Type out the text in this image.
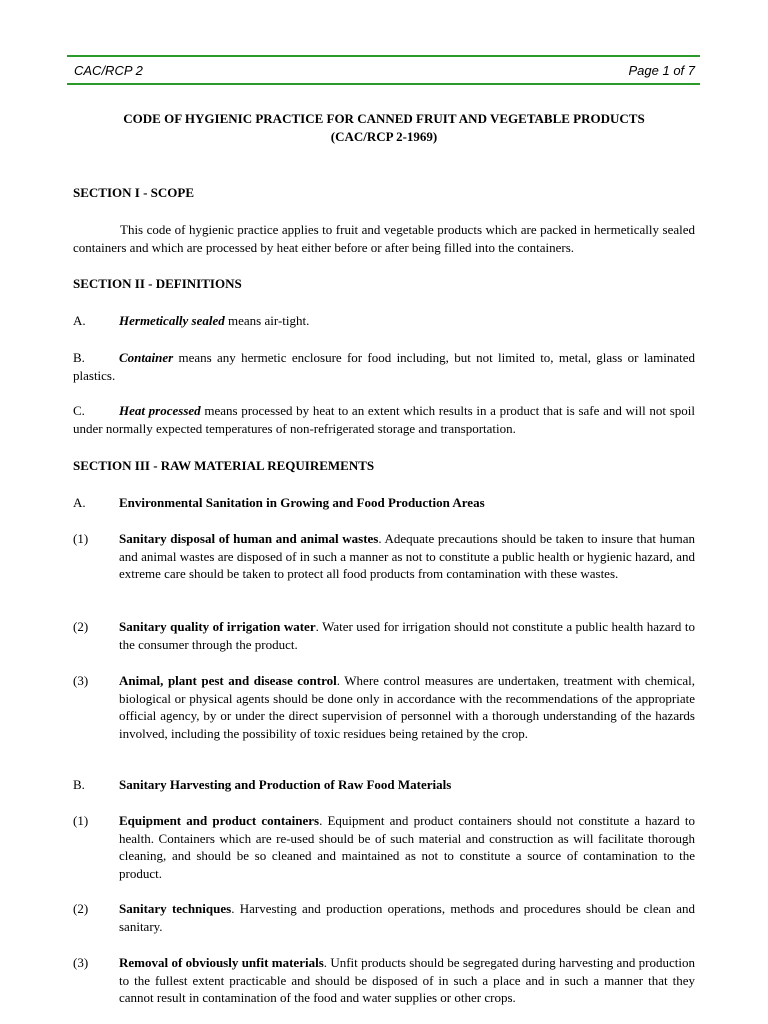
CAC/RCP 2	Page 1 of 7
CODE OF HYGIENIC PRACTICE FOR CANNED FRUIT AND VEGETABLE PRODUCTS
(CAC/RCP 2-1969)
SECTION I - SCOPE
This code of hygienic practice applies to fruit and vegetable products which are packed in hermetically sealed containers and which are processed by heat either before or after being filled into the containers.
SECTION II - DEFINITIONS
A.	Hermetically sealed means air-tight.
B.	Container means any hermetic enclosure for food including, but not limited to, metal, glass or laminated plastics.
C.	Heat processed means processed by heat to an extent which results in a product that is safe and will not spoil under normally expected temperatures of non-refrigerated storage and transportation.
SECTION III - RAW MATERIAL REQUIREMENTS
A.	Environmental Sanitation in Growing and Food Production Areas
(1) Sanitary disposal of human and animal wastes. Adequate precautions should be taken to insure that human and animal wastes are disposed of in such a manner as not to constitute a public health or hygienic hazard, and extreme care should be taken to protect all food products from contamination with these wastes.
(2) Sanitary quality of irrigation water. Water used for irrigation should not constitute a public health hazard to the consumer through the product.
(3) Animal, plant pest and disease control. Where control measures are undertaken, treatment with chemical, biological or physical agents should be done only in accordance with the recommendations of the appropriate official agency, by or under the direct supervision of personnel with a thorough understanding of the hazards involved, including the possibility of toxic residues being retained by the crop.
B.	Sanitary Harvesting and Production of Raw Food Materials
(1) Equipment and product containers. Equipment and product containers should not constitute a hazard to health. Containers which are re-used should be of such material and construction as will facilitate thorough cleaning, and should be so cleaned and maintained as not to constitute a source of contamination to the product.
(2) Sanitary techniques. Harvesting and production operations, methods and procedures should be clean and sanitary.
(3) Removal of obviously unfit materials. Unfit products should be segregated during harvesting and production to the fullest extent practicable and should be disposed of in such a place and in such a manner that they cannot result in contamination of the food and water supplies or other crops.
